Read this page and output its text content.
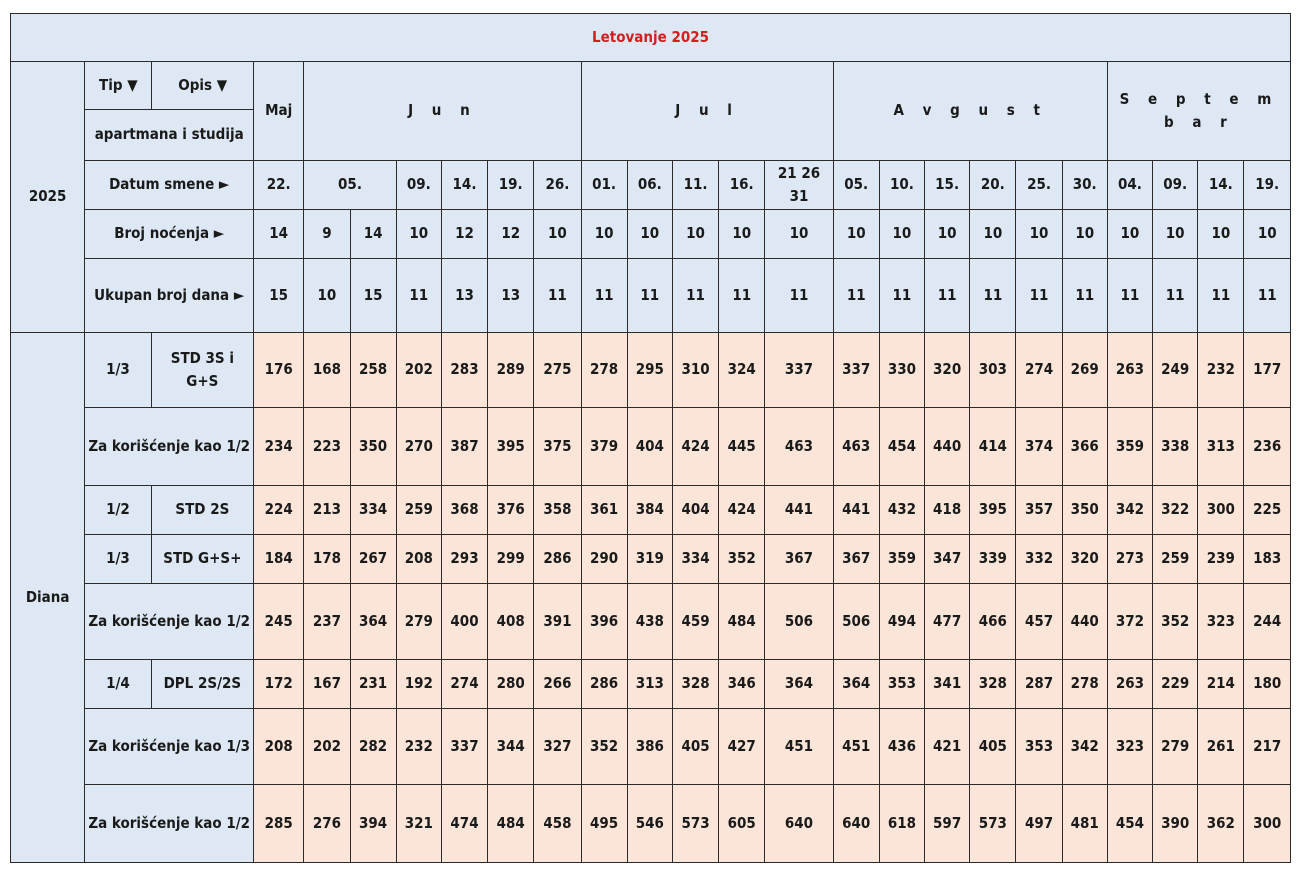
Letovanje 2025																								
2025	Tip ▼ Opis ▼
apartmana i studija		Maj	J u n						J u l					A v g u s t						S e p t e m b a r			
	Datum smene ►		22.	05.		09.	14.	19.	26.	01.	06.	11.	16.	21 26 31	05.	10.	15.	20.	25.	30.	04.	09.	14.	19.
	Broj noćenja ►		14	9	14	10	12	12	10	10	10	10	10	10	10	10	10	10	10	10	10	10	10	10
	Ukupan broj dana ►		15	10	15	11	13	13	11	11	11	11	11	11	11	11	11	11	11	11	11	11	11	11
Diana	1/3	STD 3S i G+S	176	168	258	202	283	289	275	278	295	310	324	337	337	330	320	303	274	269	263	249	232	177
	Za korišćenje kao 1/2		234	223	350	270	387	395	375	379	404	424	445	463	463	454	440	414	374	366	359	338	313	236
	1/2	STD 2S	224	213	334	259	368	376	358	361	384	404	424	441	441	432	418	395	357	350	342	322	300	225
	1/3	STD G+S+	184	178	267	208	293	299	286	290	319	334	352	367	367	359	347	339	332	320	273	259	239	183
	Za korišćenje kao 1/2		245	237	364	279	400	408	391	396	438	459	484	506	506	494	477	466	457	440	372	352	323	244
	1/4	DPL 2S/2S	172	167	231	192	274	280	266	286	313	328	346	364	364	353	341	328	287	278	263	229	214	180
	Za korišćenje kao 1/3		208	202	282	232	337	344	327	352	386	405	427	451	451	436	421	405	353	342	323	279	261	217
	Za korišćenje kao 1/2		285	276	394	321	474	484	458	495	546	573	605	640	640	618	597	573	497	481	454	390	362	300
